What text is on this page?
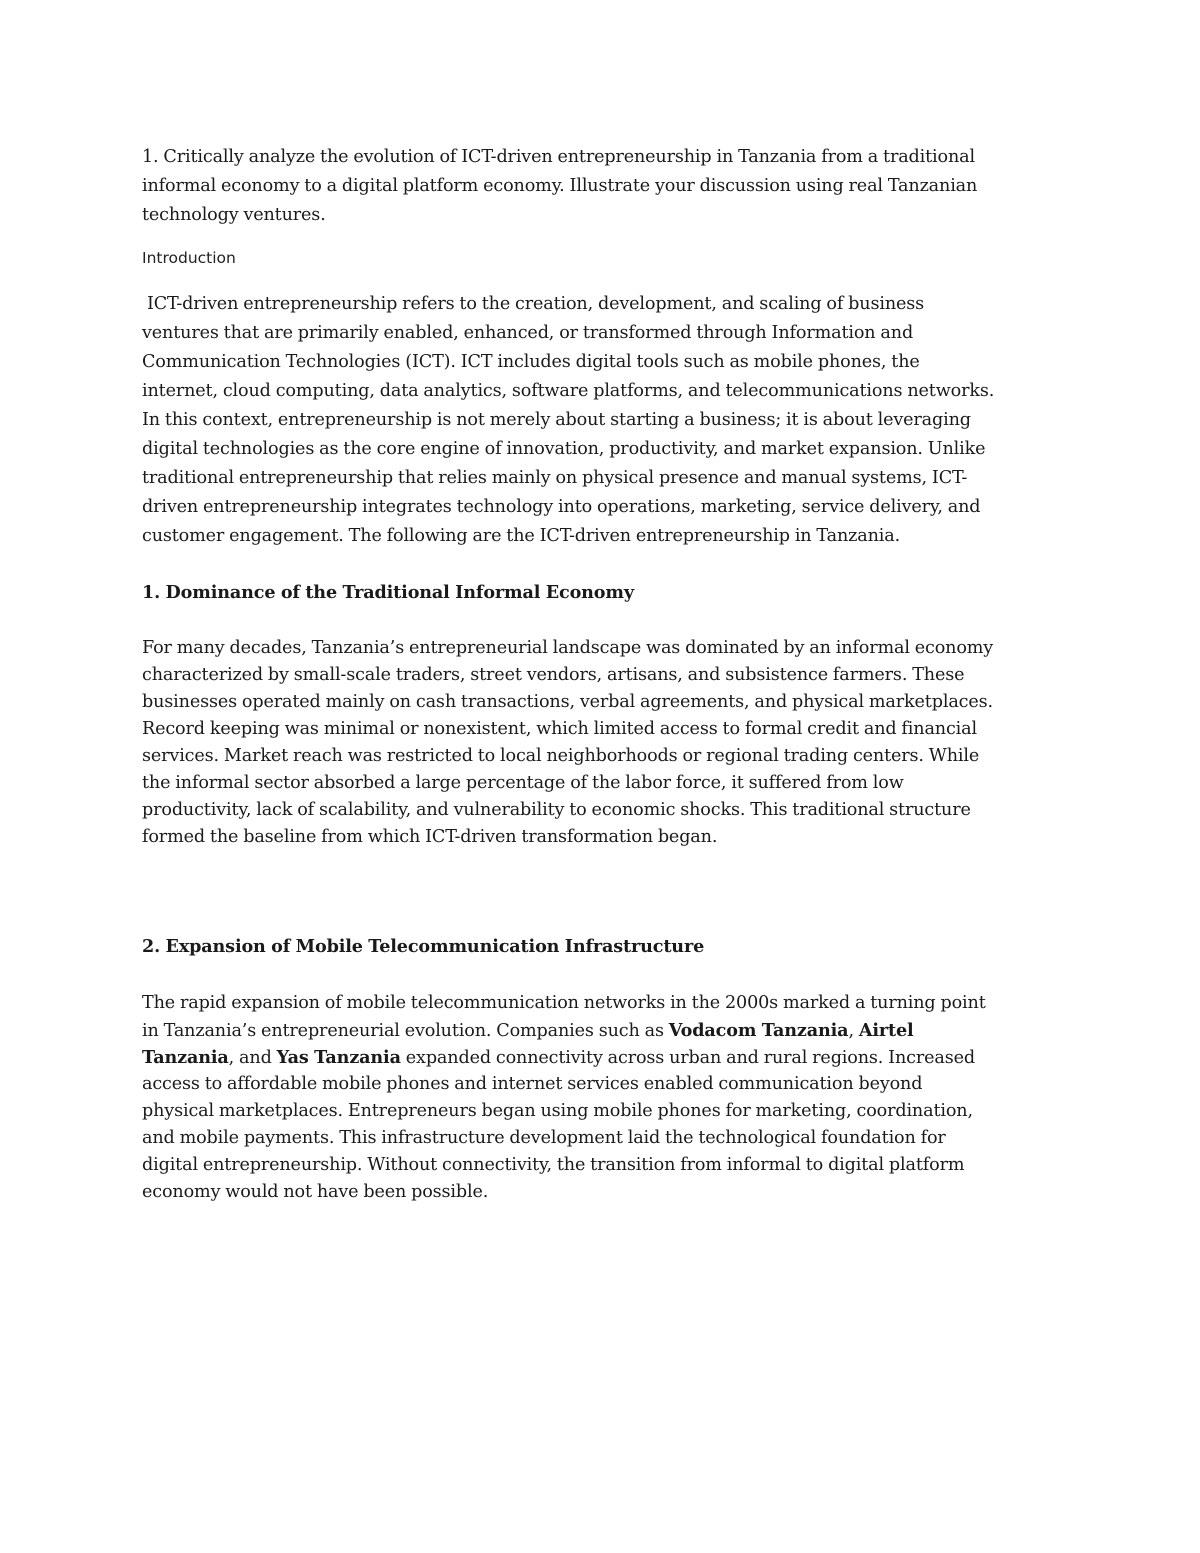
1. Critically analyze the evolution of ICT-driven entrepreneurship in Tanzania from a traditional
informal economy to a digital platform economy. Illustrate your discussion using real Tanzanian
technology ventures.
Introduction
ICT-driven entrepreneurship refers to the creation, development, and scaling of business
ventures that are primarily enabled, enhanced, or transformed through Information and
Communication Technologies (ICT). ICT includes digital tools such as mobile phones, the
internet, cloud computing, data analytics, software platforms, and telecommunications networks.
In this context, entrepreneurship is not merely about starting a business; it is about leveraging
digital technologies as the core engine of innovation, productivity, and market expansion. Unlike
traditional entrepreneurship that relies mainly on physical presence and manual systems, ICT-
driven entrepreneurship integrates technology into operations, marketing, service delivery, and
customer engagement. The following are the ICT-driven entrepreneurship in Tanzania.
1. Dominance of the Traditional Informal Economy
For many decades, Tanzania’s entrepreneurial landscape was dominated by an informal economy
characterized by small-scale traders, street vendors, artisans, and subsistence farmers. These
businesses operated mainly on cash transactions, verbal agreements, and physical marketplaces.
Record keeping was minimal or nonexistent, which limited access to formal credit and financial
services. Market reach was restricted to local neighborhoods or regional trading centers. While
the informal sector absorbed a large percentage of the labor force, it suffered from low
productivity, lack of scalability, and vulnerability to economic shocks. This traditional structure
formed the baseline from which ICT-driven transformation began.
2. Expansion of Mobile Telecommunication Infrastructure
The rapid expansion of mobile telecommunication networks in the 2000s marked a turning point
in Tanzania’s entrepreneurial evolution. Companies such as Vodacom Tanzania, Airtel
Tanzania, and Yas Tanzania expanded connectivity across urban and rural regions. Increased
access to affordable mobile phones and internet services enabled communication beyond
physical marketplaces. Entrepreneurs began using mobile phones for marketing, coordination,
and mobile payments. This infrastructure development laid the technological foundation for
digital entrepreneurship. Without connectivity, the transition from informal to digital platform
economy would not have been possible.
